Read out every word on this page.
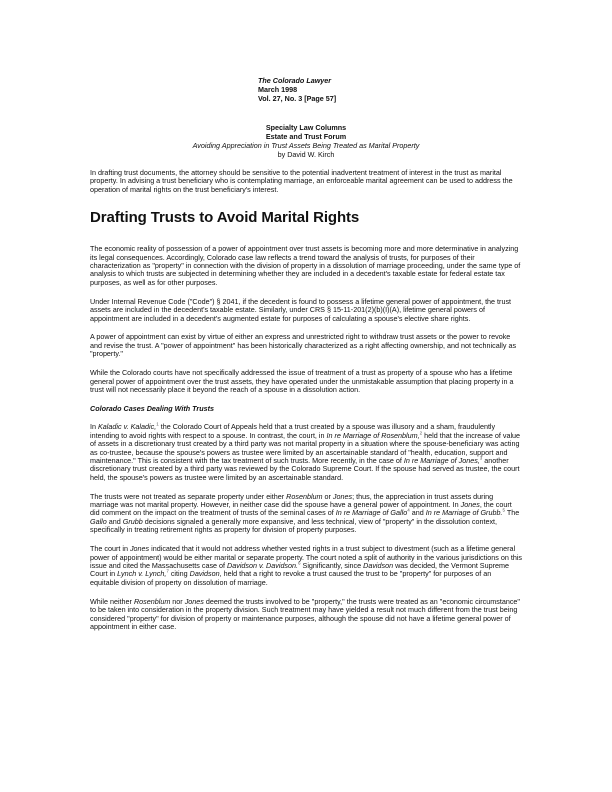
The Colorado Lawyer
March 1998
Vol. 27, No. 3 [Page 57]
Specialty Law Columns
Estate and Trust Forum
Avoiding Appreciation in Trust Assets Being Treated as Marital Property
by David W. Kirch

In drafting trust documents, the attorney should be sensitive to the potential inadvertent treatment of interest in the trust as marital property. In advising a trust beneficiary who is contemplating marriage, an enforceable marital agreement can be used to address the operation of marital rights on the trust beneficiary's interest.

Drafting Trusts to Avoid Marital Rights

The economic reality of possession of a power of appointment over trust assets is becoming more and more determinative in analyzing its legal consequences. Accordingly, Colorado case law reflects a trend toward the analysis of trusts, for purposes of their characterization as "property" in connection with the division of property in a dissolution of marriage proceeding, under the same type of analysis to which trusts are subjected in determining whether they are included in a decedent's taxable estate for federal estate tax purposes, as well as for other purposes.

Under Internal Revenue Code ("Code") § 2041, if the decedent is found to possess a lifetime general power of appointment, the trust assets are included in the decedent's taxable estate. Similarly, under CRS § 15-11-201(2)(b)(I)(A), lifetime general powers of appointment are included in a decedent's augmented estate for purposes of calculating a spouse's elective share rights.

A power of appointment can exist by virtue of either an express and unrestricted right to withdraw trust assets or the power to revoke and revise the trust. A "power of appointment" has been historically characterized as a right affecting ownership, and not technically as "property."

While the Colorado courts have not specifically addressed the issue of treatment of a trust as property of a spouse who has a lifetime general power of appointment over the trust assets, they have operated under the unmistakable assumption that placing property in a trust will not necessarily place it beyond the reach of a spouse in a dissolution action.

Colorado Cases Dealing With Trusts

In Kaladic v. Kaladic,$^1$ the Colorado Court of Appeals held that a trust created by a spouse was illusory and a sham, fraudulently intending to avoid rights with respect to a spouse. In contrast, the court, in In re Marriage of Rosenblum,$^2$ held that the increase of value of assets in a discretionary trust created by a third party was not marital property in a situation where the spouse-beneficiary was acting as co-trustee, because the spouse's powers as trustee were limited by an ascertainable standard of "health, education, support and maintenance." This is consistent with the tax treatment of such trusts. More recently, in the case of In re Marriage of Jones,$^3$ another discretionary trust created by a third party was reviewed by the Colorado Supreme Court. If the spouse had served as trustee, the court held, the spouse's powers as trustee were limited by an ascertainable standard.

The trusts were not treated as separate property under either Rosenblum or Jones; thus, the appreciation in trust assets during marriage was not marital property. However, in neither case did the spouse have a general power of appointment. In Jones, the court did comment on the impact on the treatment of trusts of the seminal cases of In re Marriage of Gallo$^4$ and In re Marriage of Grubb.$^5$ The Gallo and Grubb decisions signaled a generally more expansive, and less technical, view of "property" in the dissolution context, specifically in treating retirement rights as property for division of property purposes.

The court in Jones indicated that it would not address whether vested rights in a trust subject to divestment (such as a lifetime general power of appointment) would be either marital or separate property. The court noted a split of authority in the various jurisdictions on this issue and cited the Massachusetts case of Davidson v. Davidson.$^6$ Significantly, since Davidson was decided, the Vermont Supreme Court in Lynch v. Lynch,$^7$ citing Davidson, held that a right to revoke a trust caused the trust to be "property" for purposes of an equitable division of property on dissolution of marriage.

While neither Rosenblum nor Jones deemed the trusts involved to be "property," the trusts were treated as an "economic circumstance" to be taken into consideration in the property division. Such treatment may have yielded a result not much different from the trust being considered "property" for division of property or maintenance purposes, although the spouse did not have a lifetime general power of appointment in either case.
